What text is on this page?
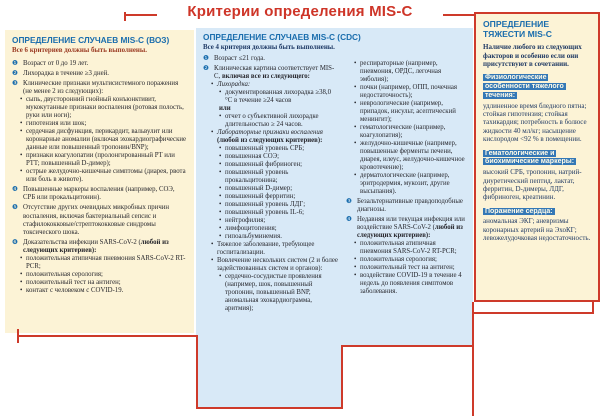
Критерии определения MIS-C
ОПРЕДЕЛЕНИЕ СЛУЧАЕВ MIS-C (ВОЗ)
Все 6 критериев должны быть выполнены.
❶ Возраст от 0 до 19 лет.
❷ Лихорадка в течение ≥3 дней.
❸ Клинические признаки мультисистемного поражения (не менее 2 из следующих):
• сыпь, двусторонний гнойный конъюнктивит, мукокутанные признаки воспаления (ротовая полость, руки или ноги);
• гипотензия или шок;
• сердечная дисфункция, перикардит, вальвулит или коронарные аномалии (включая эхокардиографические данные или повышенный тропонин/BNP);
• признаки коагулопатии (пролонгированный PT или PTT; повышенный D-димер);
• острые желудочно-кишечные симптомы (диарея, рвота или боль в животе).
❹ Повышенные маркеры воспаления (например, СОЭ, СРБ или прокальцитонин).
❺ Отсутствие других очевидных микробных причин воспаления, включая бактериальный сепсис и стафилококковые/стрептококковые синдромы токсического шока.
❻ Доказательства инфекции SARS-CoV-2 (любой из следующих критериев):
• положительная атипичная пневмония SARS-CoV-2 RT-PCR;
• положительная серология;
• положительный тест на антиген;
• контакт с человеком с COVID-19.
ОПРЕДЕЛЕНИЕ СЛУЧАЕВ MIS-C (CDC)
Все 4 критерия должны быть выполнены.
❶ Возраст ≤21 года.
❷ Клиническая картина соответствует MIS-C, включая все из следующего:
• Лихорадка:
• документированная лихорадка ≥38,0 °C в течение ≥24 часов
или
• отчет о субъективной лихорадке длительностью ≥ 24 часов.
• Лабораторные признаки воспаления (любой из следующих критериев):
• повышенный уровень СРБ;
• повышенная СОЭ;
• повышенный фибриноген;
• повышенный уровень прокальцитонина;
• повышенный D-димер;
• повышенный ферритин;
• повышенный уровень ЛДГ;
• повышенный уровень IL-6;
• нейтрофилия;
• лимфоцитопения;
• гипоальбуминемия.
• Тяжелое заболевание, требующее госпитализации.
• Вовлечение нескольких систем (2 и более задействованных систем и органов):
• сердечно-сосудистые проявления (например, шок, повышенный тропонин, повышенный BNP, аномальная эхокардиограмма, аритмия);
• респираторные (например, пневмония, ОРДС, легочная эмболия);
• почки (например, ОПП, почечная недостаточность);
• неврологические (например, припадок, инсульт, асептический менингит);
• гематологические (например, коагулопатия);
• желудочно-кишечные (например, повышенные ферменты печени, диарея, илеус, желудочно-кишечное кровотечение);
• дерматологические (например, эритродермия, мукозит, другие высыпания).
❸ Безальтернативные правдоподобные диагнозы.
❹ Недавняя или текущая инфекция или воздействие SARS-CoV-2 (любой из следующих критериев):
• положительная атипичная пневмония SARS-CoV-2 RT-PCR;
• положительная серология;
• положительный тест на антиген;
• воздействие COVID-19 в течение 4 недель до появления симптомов заболевания.
ОПРЕДЕЛЕНИЕ ТЯЖЕСТИ MIS-C
Наличие любого из следующих факторов и особенно если они присутствуют в сочетании.
Физиологические особенности тяжелого течения:
удлиненное время бледного пятна; стойкая гипотензия; стойкая тахикардия; потребность в болюсе жидкости 40 мл/кг; насыщение кислородом <92 % в помещении.
Гематологические и биохимические маркеры:
высокий СРБ, тропонин, натрий-диуретический пептид, лактат, ферритин, D-димеры, ЛДГ, фибриноген, креатинин.
Поражение сердца:
аномальная ЭКГ; аневризмы коронарных артерий на ЭхоКГ; левожелудочковая недостаточность.
